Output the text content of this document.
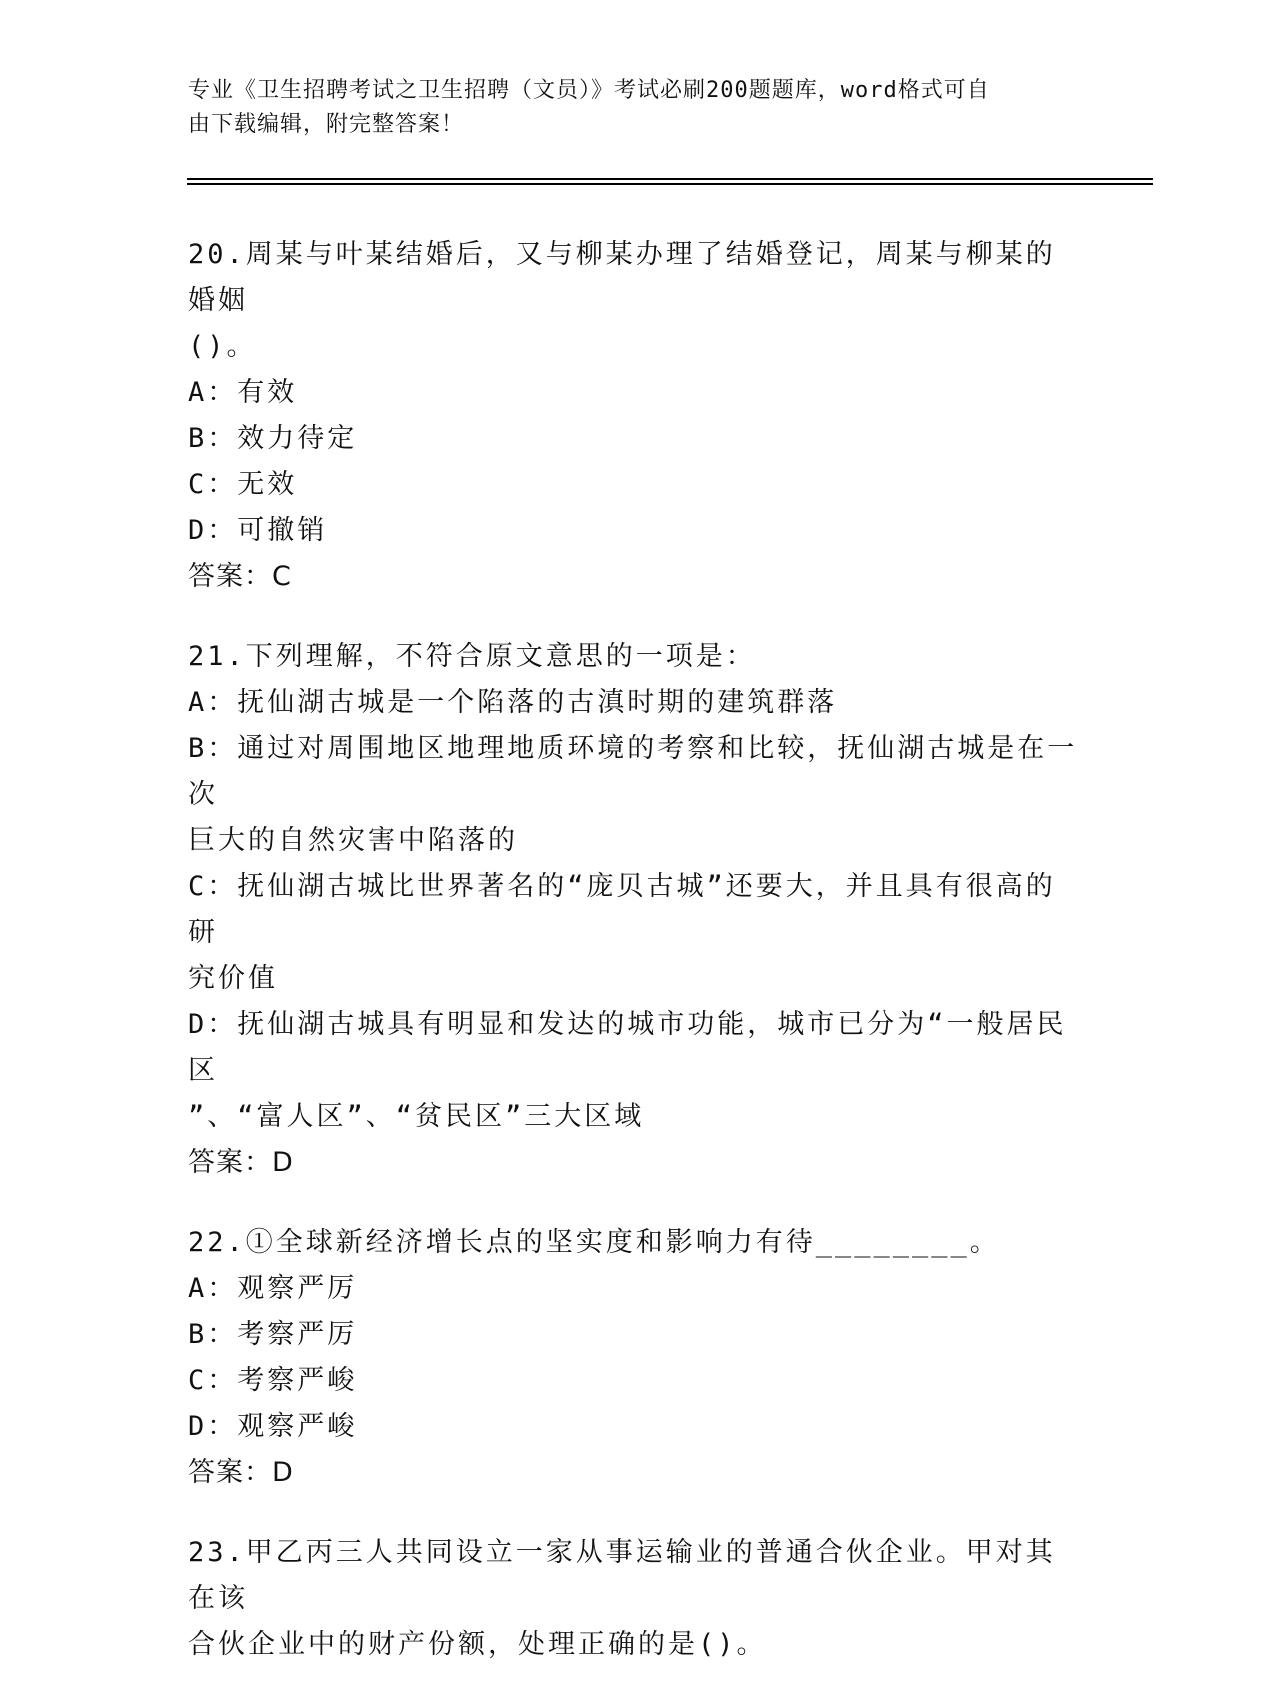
专业《卫生招聘考试之卫生招聘（文员）》考试必刷200题题库，word格式可自
由下载编辑，附完整答案！
20.周某与叶某结婚后，又与柳某办理了结婚登记，周某与柳某的婚姻
()。
A：有效
B：效力待定
C：无效
D：可撤销
答案：C
21.下列理解，不符合原文意思的一项是：
A：抚仙湖古城是一个陷落的古滇时期的建筑群落
B：通过对周围地区地理地质环境的考察和比较，抚仙湖古城是在一次
巨大的自然灾害中陷落的
C：抚仙湖古城比世界著名的“庞贝古城”还要大，并且具有很高的研
究价值
D：抚仙湖古城具有明显和发达的城市功能，城市已分为“一般居民区
”、“富人区”、“贫民区”三大区域
答案：D
22.①全球新经济增长点的坚实度和影响力有待________。
A：观察严厉
B：考察严厉
C：考察严峻
D：观察严峻
答案：D
23.甲乙丙三人共同设立一家从事运输业的普通合伙企业。甲对其在该
合伙企业中的财产份额，处理正确的是()。
